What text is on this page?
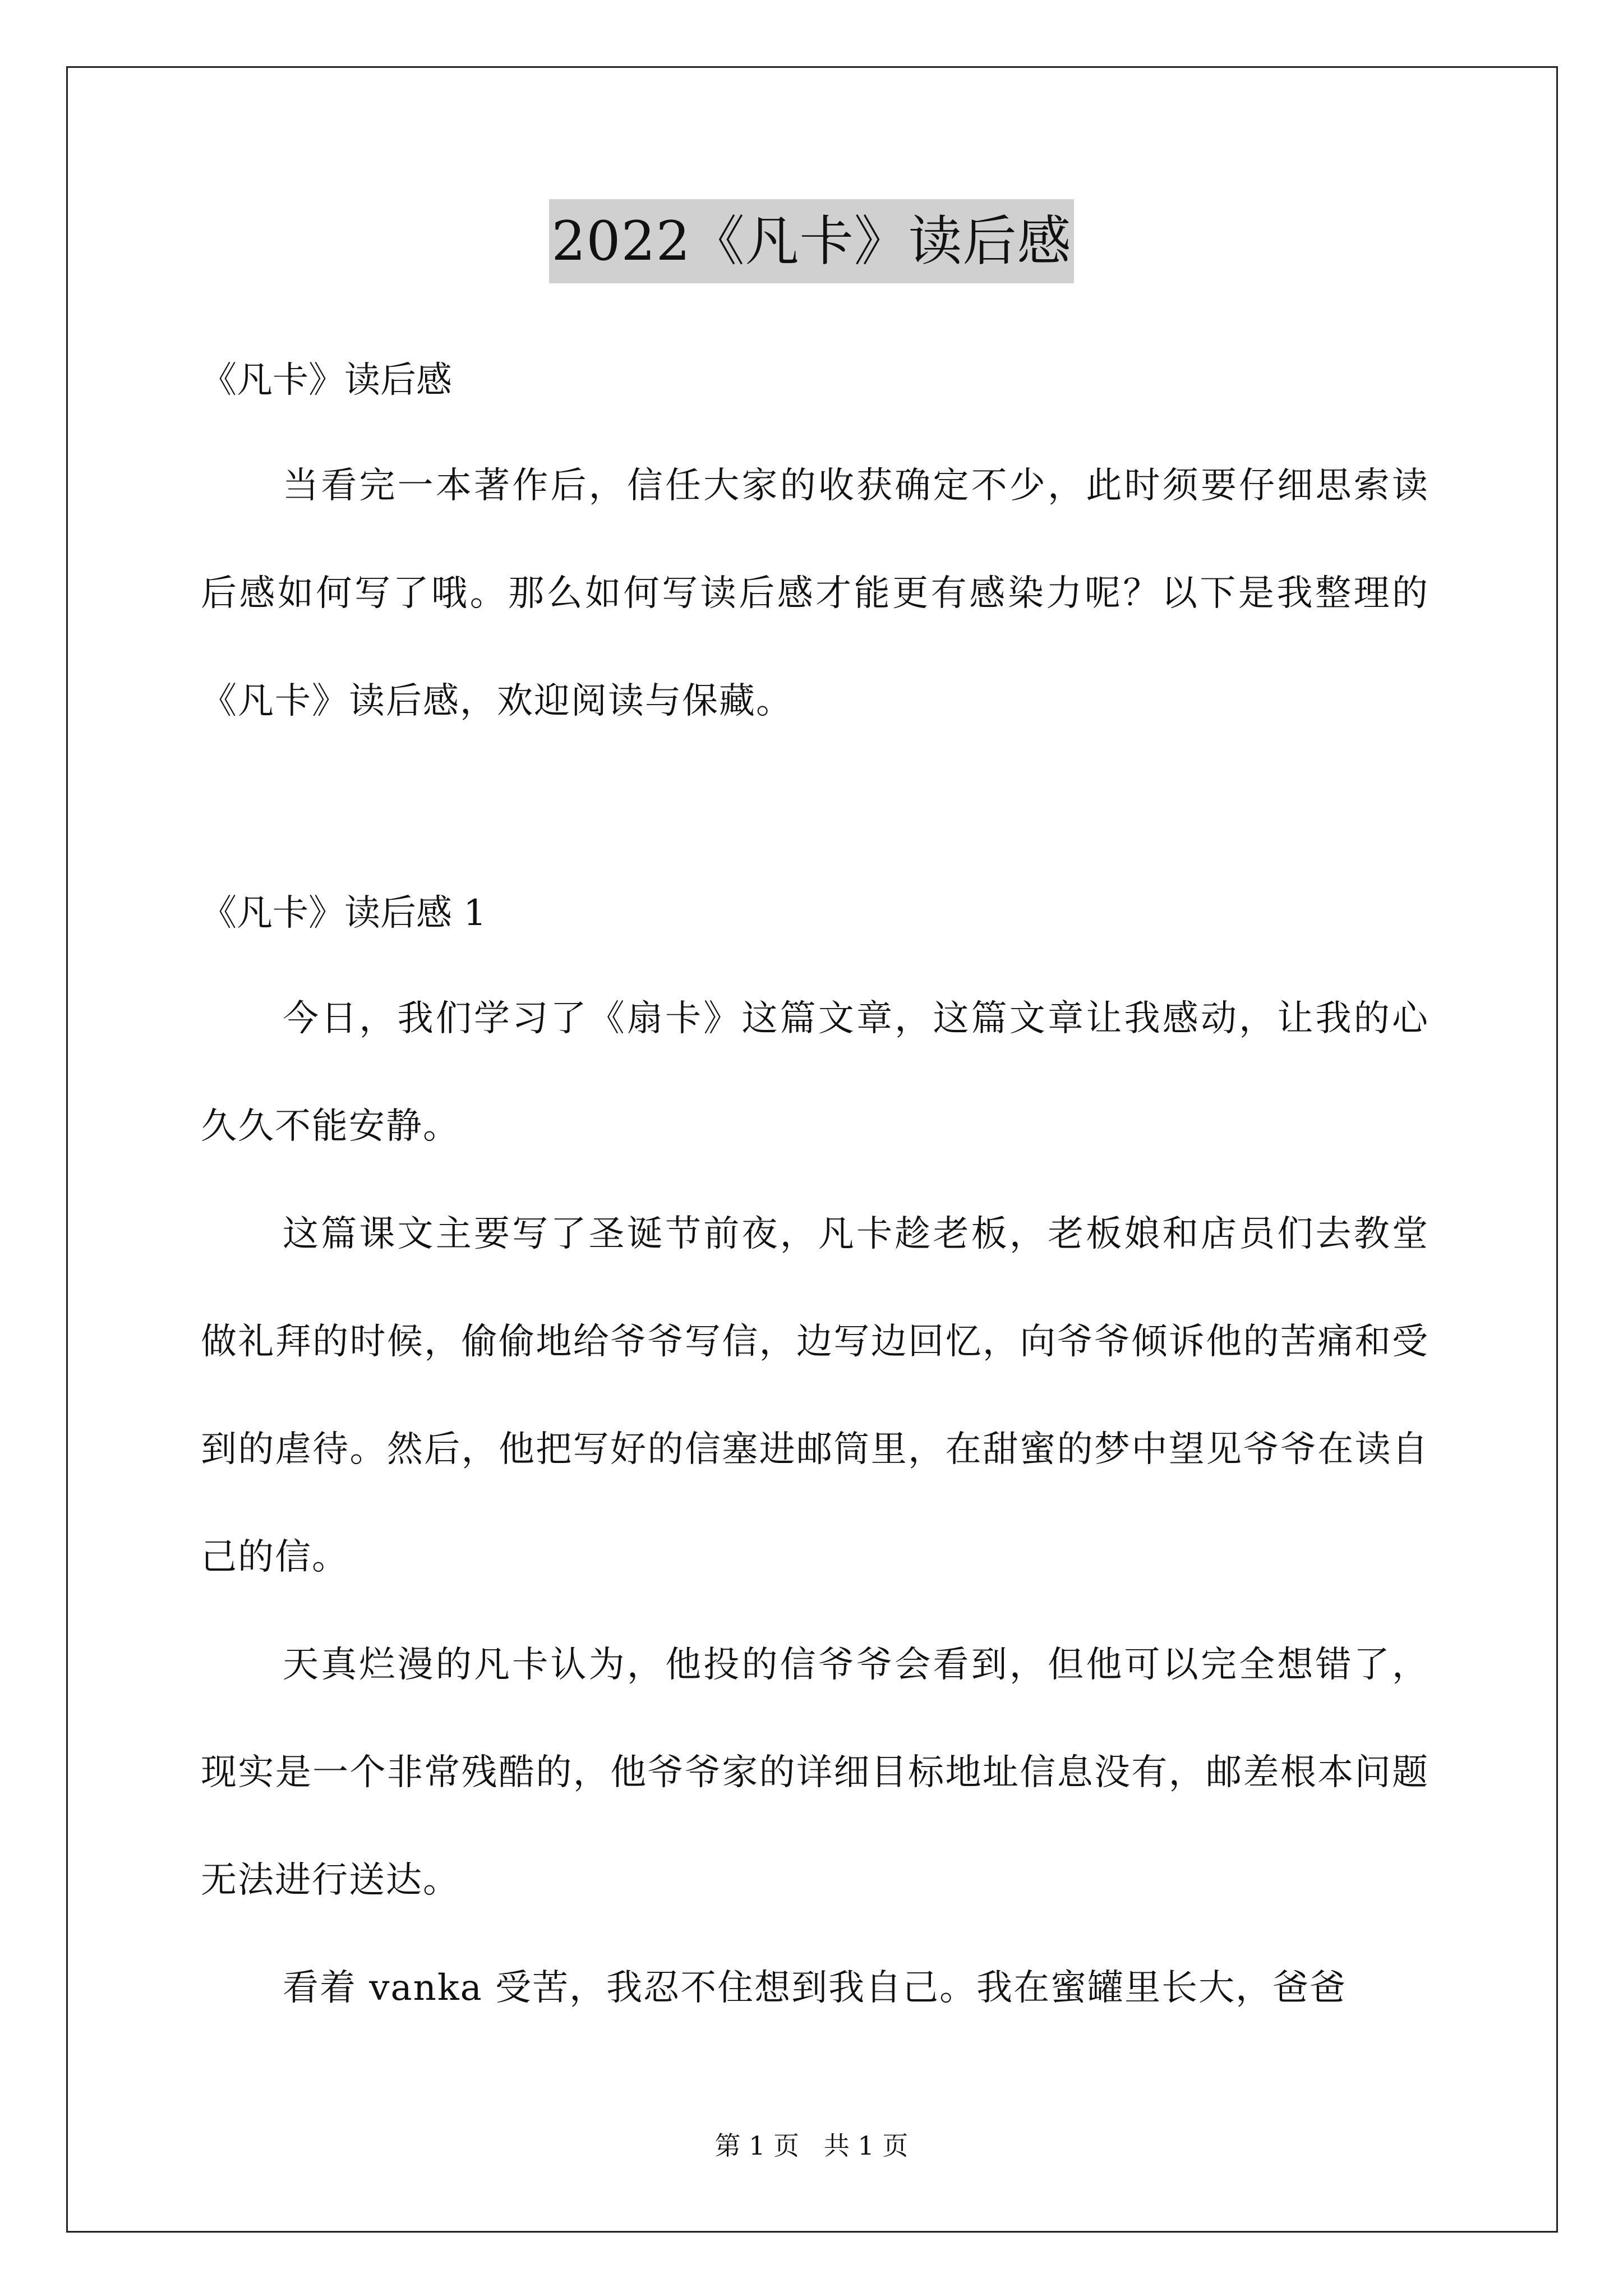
2022《凡卡》读后感
《凡卡》读后感

当看完一本著作后，信任大家的收获确定不少，此时须要仔细思索读后感如何写了哦。那么如何写读后感才能更有感染力呢？以下是我整理的《凡卡》读后感，欢迎阅读与保藏。

《凡卡》读后感 1

今日，我们学习了《扇卡》这篇文章，这篇文章让我感动，让我的心久久不能安静。

这篇课文主要写了圣诞节前夜，凡卡趁老板，老板娘和店员们去教堂做礼拜的时候，偷偷地给爷爷写信，边写边回忆，向爷爷倾诉他的苦痛和受到的虐待。然后，他把写好的信塞进邮筒里，在甜蜜的梦中望见爷爷在读自己的信。

天真烂漫的凡卡认为，他投的信爷爷会看到，但他可以完全想错了，现实是一个非常残酷的，他爷爷家的详细目标地址信息没有，邮差根本问题无法进行送达。

看着 vanka 受苦，我忍不住想到我自己。我在蜜罐里长大，爸爸

第 1 页   共 1 页
